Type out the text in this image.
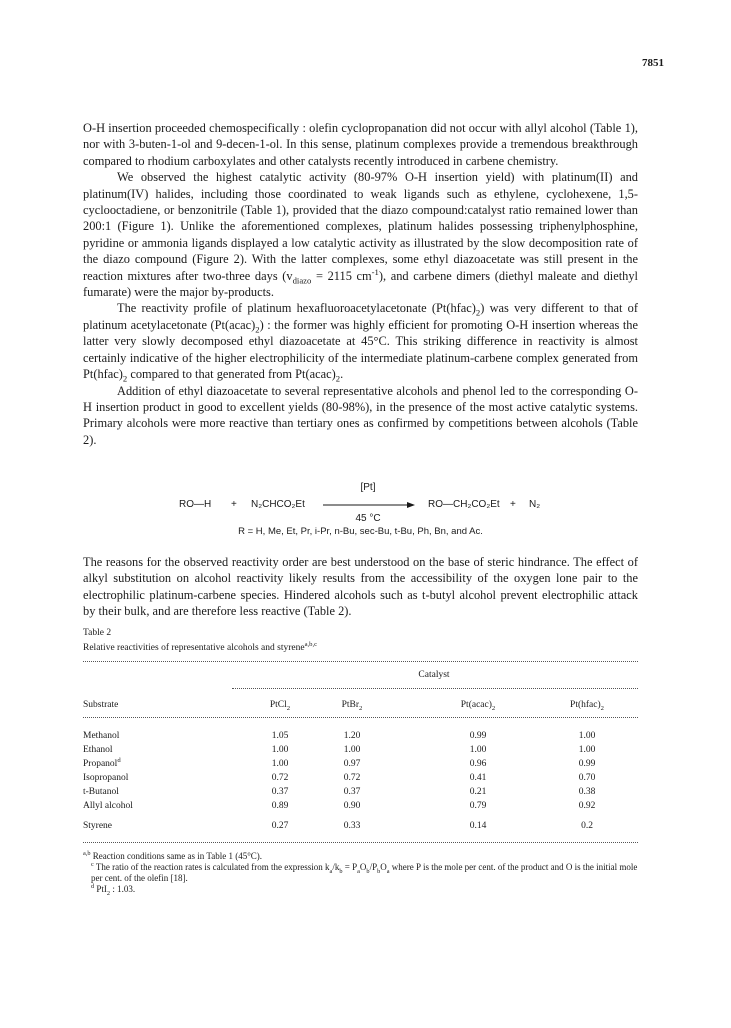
7851

O-H insertion proceeded chemospecifically : olefin cyclopropanation did not occur with allyl alcohol (Table 1), nor with 3-buten-1-ol and 9-decen-1-ol. In this sense, platinum complexes provide a tremendous breakthrough compared to rhodium carboxylates and other catalysts recently introduced in carbene chemistry.

We observed the highest catalytic activity (80-97% O-H insertion yield) with platinum(II) and platinum(IV) halides, including those coordinated to weak ligands such as ethylene, cyclohexene, 1,5-cyclooctadiene, or benzonitrile (Table 1), provided that the diazo compound:catalyst ratio remained lower than 200:1 (Figure 1). Unlike the aforementioned complexes, platinum halides possessing triphenylphosphine, pyridine or ammonia ligands displayed a low catalytic activity as illustrated by the slow decomposition rate of the diazo compound (Figure 2). With the latter complexes, some ethyl diazoacetate was still present in the reaction mixtures after two-three days ($v_{diazo} = 2115$ $cm^{-1}$), and carbene dimers (diethyl maleate and diethyl fumarate) were the major by-products.

The reactivity profile of platinum hexafluoroacetylacetonate $(Pt(hfac)_2)$ was very different to that of platinum acetylacetonate $(Pt(acac)_2)$ : the former was highly efficient for promoting O-H insertion whereas the latter very slowly decomposed ethyl diazoacetate at 45°C. This striking difference in reactivity is almost certainly indicative of the higher electrophilicity of the intermediate platinum-carbene complex generated from $Pt(hfac)_2$ compared to that generated from $Pt(acac)_2$.

Addition of ethyl diazoacetate to several representative alcohols and phenol led to the corresponding O-H insertion product in good to excellent yields (80-98%), in the presence of the most active catalytic systems. Primary alcohols were more reactive than tertiary ones as confirmed by competitions between alcohols (Table 2).

RO—H + N₂CHCO₂Et
[Pt]
45 °C
RO—CH₂CO₂Et + N₂
R = H, Me, Et, Pr, i-Pr, n-Bu, sec-Bu, t-Bu, Ph, Bn, and Ac.

The reasons for the observed reactivity order are best understood on the base of steric hindrance. The effect of alkyl substitution on alcohol reactivity likely results from the accessibility of the oxygen lone pair to the electrophilic platinum-carbene species. Hindered alcohols such as t-butyl alcohol prevent electrophilic attack by their bulk, and are therefore less reactive (Table 2).

Table 2
Relative reactivities of representative alcohols and styrene$^{a,b,c}$
Catalyst
Substrate	PtCl$_2$	PtBr$_2$	$Pt(acac)_2$	$Pt(hfac)_2$
Methanol	1.05	1.20	0.99	1.00
Ethanol	1.00	1.00	1.00	1.00
Propanol$^d$	1.00	0.97	0.96	0.99
Isopropanol	0.72	0.72	0.41	0.70
t-Butanol	0.37	0.37	0.21	0.38
Allyl alcohol	0.89	0.90	0.79	0.92
Styrene	0.27	0.33	0.14	0.2
$^{a,b}$ Reaction conditions same as in Table 1 (45°C).
$^c$ The ratio of the reaction rates is calculated from the expression $k_a/k_b = P_aO_b/P_bO_a$ where P is the mole per cent. of the product and O is the initial mole per cent. of the olefin [18].
$^d$ PtI$_2$ : 1.03.
